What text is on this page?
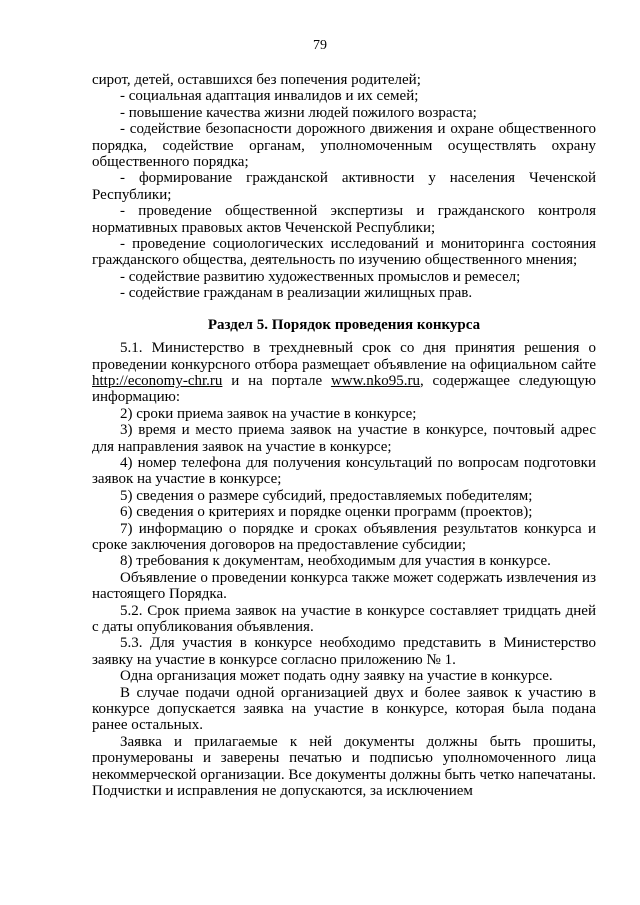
79

сирот, детей, оставшихся без попечения родителей;

- социальная адаптация инвалидов и их семей;

- повышение качества жизни людей пожилого возраста;

- содействие безопасности дорожного движения и охране общественного порядка, содействие органам, уполномоченным осуществлять охрану общественного порядка;

- формирование гражданской активности у населения Чеченской Республики;

- проведение общественной экспертизы и гражданского контроля нормативных правовых актов Чеченской Республики;

- проведение социологических исследований и мониторинга состояния гражданского общества, деятельность по изучению общественного мнения;

- содействие развитию художественных промыслов и ремесел;

- содействие гражданам в реализации жилищных прав.

Раздел 5. Порядок проведения конкурса

5.1. Министерство в трехдневный срок со дня принятия решения о проведении конкурсного отбора размещает объявление на официальном сайте http://economy-chr.ru и на портале www.nko95.ru, содержащее следующую информацию:

2) сроки приема заявок на участие в конкурсе;

3) время и место приема заявок на участие в конкурсе, почтовый адрес для направления заявок на участие в конкурсе;

4) номер телефона для получения консультаций по вопросам подготовки заявок на участие в конкурсе;

5) сведения о размере субсидий, предоставляемых победителям;

6) сведения о критериях и порядке оценки программ (проектов);

7) информацию о порядке и сроках объявления результатов конкурса и сроке заключения договоров на предоставление субсидии;

8) требования к документам, необходимым для участия в конкурсе.

Объявление о проведении конкурса также может содержать извлечения из настоящего Порядка.

5.2. Срок приема заявок на участие в конкурсе составляет тридцать дней с даты опубликования объявления.

5.3. Для участия в конкурсе необходимо представить в Министерство заявку на участие в конкурсе согласно приложению № 1.

Одна организация может подать одну заявку на участие в конкурсе.

В случае подачи одной организацией двух и более заявок к участию в конкурсе допускается заявка на участие в конкурсе, которая была подана ранее остальных.

Заявка и прилагаемые к ней документы должны быть прошиты, пронумерованы и заверены печатью и подписью уполномоченного лица некоммерческой организации. Все документы должны быть четко напечатаны. Подчистки и исправления не допускаются, за исключением
